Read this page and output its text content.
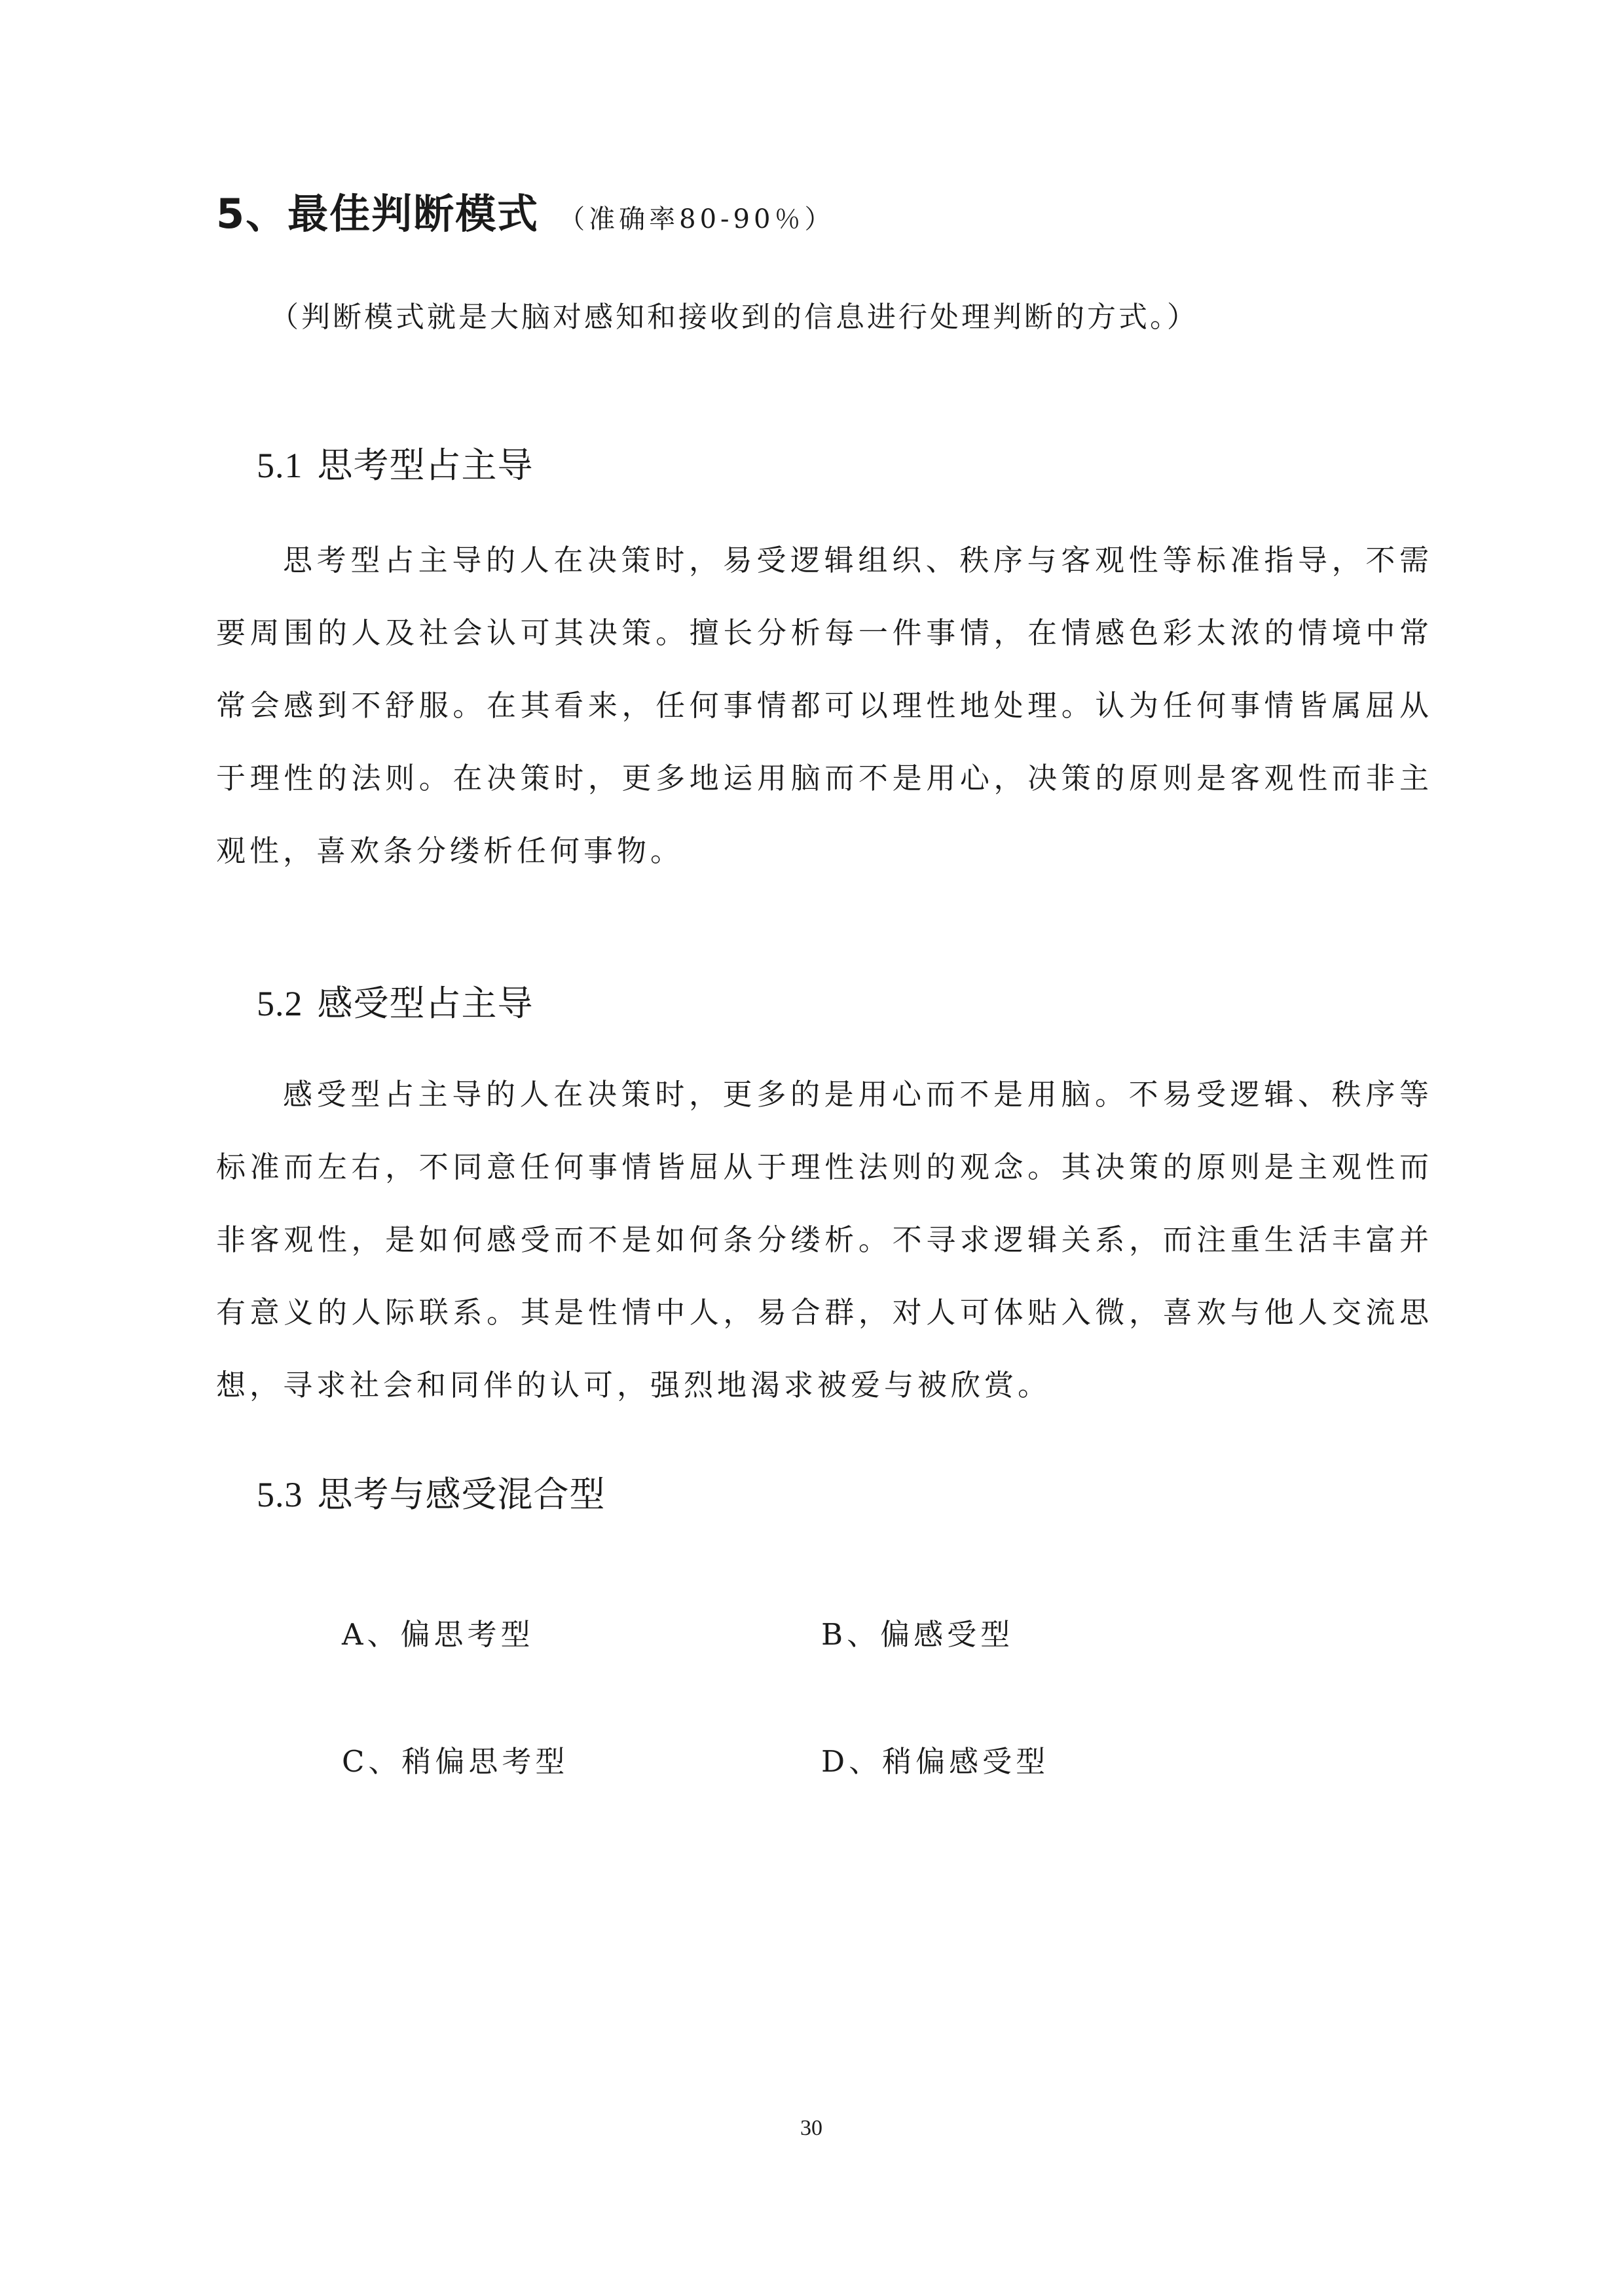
5、最佳判断模式 （准确率80-90％）
（判断模式就是大脑对感知和接收到的信息进行处理判断的方式。）
5.1 思考型占主导

思考型占主导的人在决策时，易受逻辑组织、秩序与客观性等标准指导，不需要周围的人及社会认可其决策。擅长分析每一件事情，在情感色彩太浓的情境中常常会感到不舒服。在其看来，任何事情都可以理性地处理。认为任何事情皆属屈从于理性的法则。在决策时，更多地运用脑而不是用心，决策的原则是客观性而非主观性，喜欢条分缕析任何事物。

5.2 感受型占主导

感受型占主导的人在决策时，更多的是用心而不是用脑。不易受逻辑、秩序等标准而左右，不同意任何事情皆屈从于理性法则的观念。其决策的原则是主观性而非客观性，是如何感受而不是如何条分缕析。不寻求逻辑关系，而注重生活丰富并有意义的人际联系。其是性情中人，易合群，对人可体贴入微，喜欢与他人交流思想，寻求社会和同伴的认可，强烈地渴求被爱与被欣赏。

5.3 思考与感受混合型
A、偏思考型	B、偏感受型
C、稍偏思考型	D、稍偏感受型
30
